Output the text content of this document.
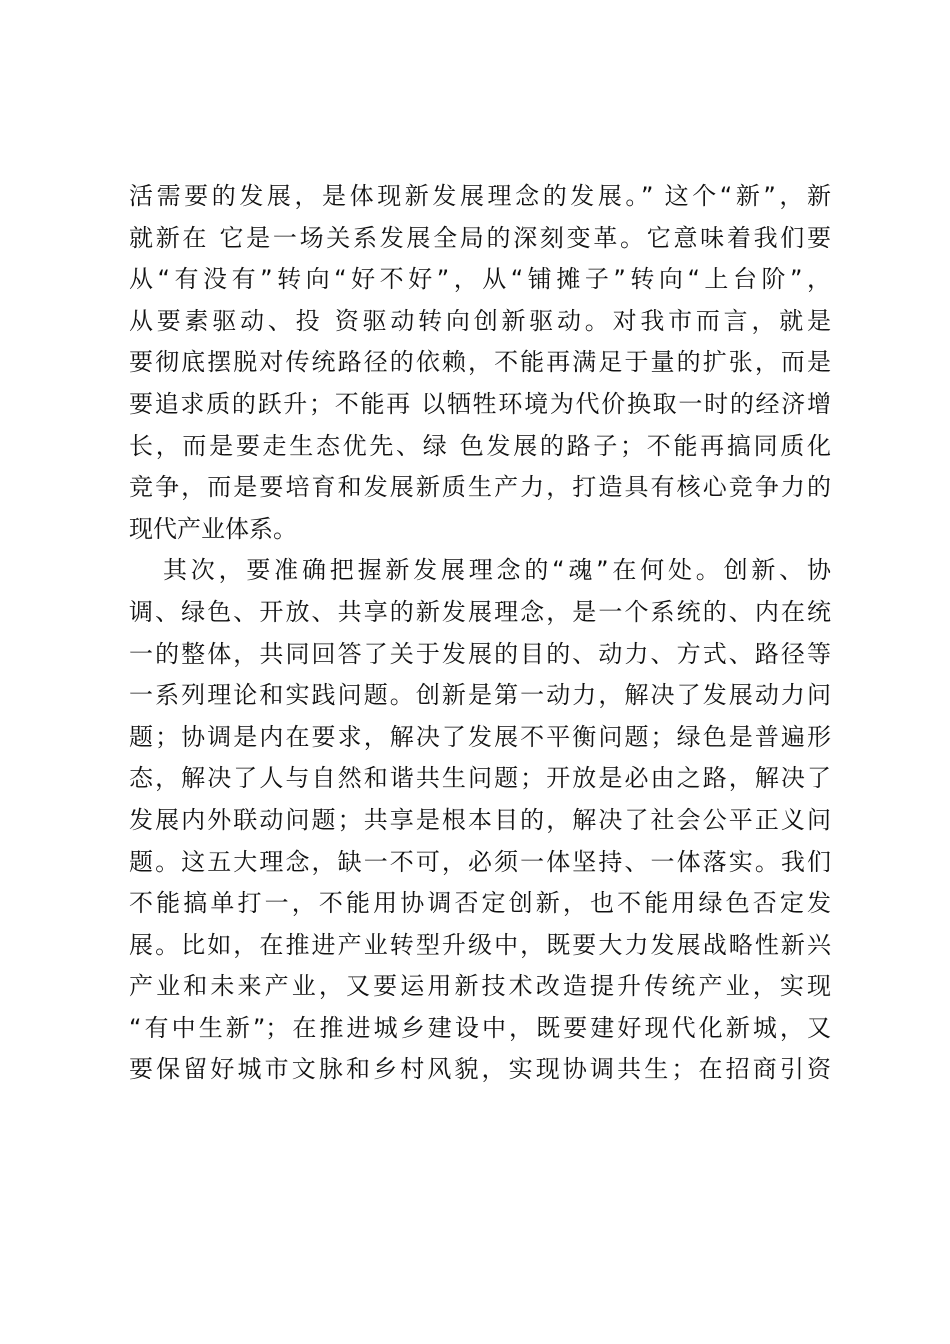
活需要的发展，是体现新发展理念的发展。” 这个“新”，新
就新在 它是一场关系发展全局的深刻变革。它意味着我们要
从“有没有”转向“好不好”，从“铺摊子”转向“上台阶”，
从要素驱动、投 资驱动转向创新驱动。对我市而言，就是
要彻底摆脱对传统路径的依赖，不能再满足于量的扩张，而是
要追求质的跃升；不能再 以牺牲环境为代价换取一时的经济增
长，而是要走生态优先、绿 色发展的路子；不能再搞同质化
竞争，而是要培育和发展新质生产力，打造具有核心竞争力的
现代产业体系。
其次，要准确把握新发展理念的“魂”在何处。创新、协
调、绿色、开放、共享的新发展理念，是一个系统的、内在统
一的整体，共同回答了关于发展的目的、动力、方式、路径等
一系列理论和实践问题。创新是第一动力，解决了发展动力问
题；协调是内在要求，解决了发展不平衡问题；绿色是普遍形
态，解决了人与自然和谐共生问题；开放是必由之路，解决了
发展内外联动问题；共享是根本目的，解决了社会公平正义问
题。这五大理念，缺一不可，必须一体坚持、一体落实。我们
不能搞单打一，不能用协调否定创新，也不能用绿色否定发
展。比如，在推进产业转型升级中，既要大力发展战略性新兴
产业和未来产业，又要运用新技术改造提升传统产业，实现
“有中生新”；在推进城乡建设中，既要建好现代化新城，又
要保留好城市文脉和乡村风貌，实现协调共生；在招商引资
